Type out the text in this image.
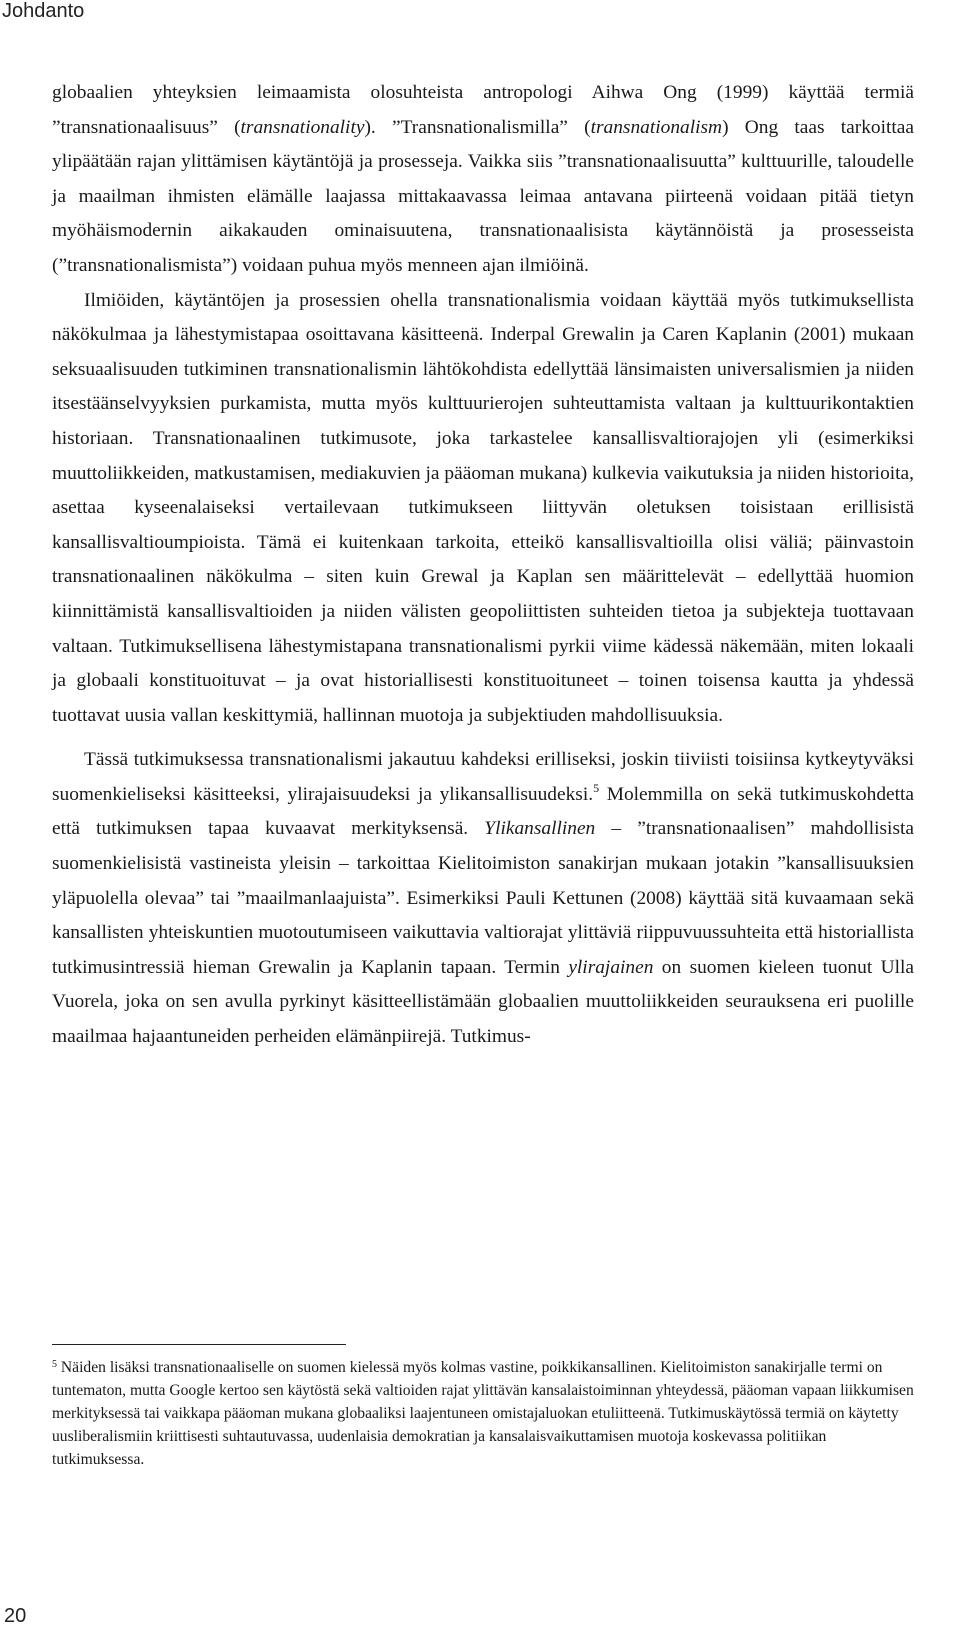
Johdanto

globaalien yhteyksien leimaamista olosuhteista antropologi Aihwa Ong (1999) käyttää termiä ”transnationaalisuus” (transnationality). ”Transnationalismilla” (transnationalism) Ong taas tarkoittaa ylipäätään rajan ylittämisen käytäntöjä ja prosesseja. Vaikka siis ”transnationaalisuutta” kulttuurille, taloudelle ja maailman ihmisten elämälle laajassa mittakaavassa leimaa antavana piirteenä voidaan pitää tietyn myöhäismodernin aikakauden ominaisuutena, transnationaalisista käytännöistä ja prosesseista (”transnationalismista”) voidaan puhua myös menneen ajan ilmiöinä.

Ilmiöiden, käytäntöjen ja prosessien ohella transnationalismia voidaan käyttää myös tutkimuksellista näkökulmaa ja lähestymistapaa osoittavana käsitteenä. Inderpal Grewalin ja Caren Kaplanin (2001) mukaan seksuaalisuuden tutkiminen transnationalismin lähtökohdista edellyttää länsimaisten universalismien ja niiden itsestäänselvyyksien purkamista, mutta myös kulttuurierojen suhteuttamista valtaan ja kulttuurikontaktien historiaan. Transnationaalinen tutkimusote, joka tarkastelee kansallisvaltiorajojen yli (esimerkiksi muuttoliikkeiden, matkustamisen, mediakuvien ja pääoman mukana) kulkevia vaikutuksia ja niiden historioita, asettaa kyseenalaiseksi vertailevaan tutkimukseen liittyvän oletuksen toisistaan erillisistä kansallisvaltioumpioista. Tämä ei kuitenkaan tarkoita, etteikö kansallisvaltioilla olisi väliä; päinvastoin transnationaalinen näkökulma – siten kuin Grewal ja Kaplan sen määrittelevät – edellyttää huomion kiinnittämistä kansallisvaltioiden ja niiden välisten geopoliittisten suhteiden tietoa ja subjekteja tuottavaan valtaan. Tutkimuksellisena lähestymistapana transnationalismi pyrkii viime kädessä näkemään, miten lokaali ja globaali konstituoituvat – ja ovat historiallisesti konstituoituneet – toinen toisensa kautta ja yhdessä tuottavat uusia vallan keskittymiä, hallinnan muotoja ja subjektiuden mahdollisuuksia.

Tässä tutkimuksessa transnationalismi jakautuu kahdeksi erilliseksi, joskin tiiviisti toisiinsa kytkeytyväksi suomenkieliseksi käsitteeksi, ylirajaisuudeksi ja ylikansallisuudeksi.$^5$ Molemmilla on sekä tutkimuskohdetta että tutkimuksen tapaa kuvaavat merkityksensä. Ylikansallinen – ”transnationaalisen” mahdollisista suomenkielisistä vastineista yleisin – tarkoittaa Kielitoimiston sanakirjan mukaan jotakin ”kansallisuuksien yläpuolella olevaa” tai ”maailmanlaajuista”. Esimerkiksi Pauli Kettunen (2008) käyttää sitä kuvaamaan sekä kansallisten yhteiskuntien muotoutumiseen vaikuttavia valtiorajat ylittäviä riippuvuussuhteita että historiallista tutkimusintressiä hieman Grewalin ja Kaplanin tapaan. Termin ylirajainen on suomen kieleen tuonut Ulla Vuorela, joka on sen avulla pyrkinyt käsitteellistämään globaalien muuttoliikkeiden seurauksena eri puolille maailmaa hajaantuneiden perheiden elämänpiirejä. Tutkimus-

$^5$ Näiden lisäksi transnationaaliselle on suomen kielessä myös kolmas vastine, poikkikansallinen. Kielitoimiston sanakirjalle termi on tuntematon, mutta Google kertoo sen käytöstä sekä valtioiden rajat ylittävän kansalaistoiminnan yhteydessä, pääoman vapaan liikkumisen merkityksessä tai vaikkapa pääoman mukana globaaliksi laajentuneen omistajaluokan etuliitteenä. Tutkimuskäytössä termiä on käytetty uusliberalismiin kriittisesti suhtautuvassa, uudenlaisia demokratian ja kansalaisvaikuttamisen muotoja koskevassa politiikan tutkimuksessa.
20
